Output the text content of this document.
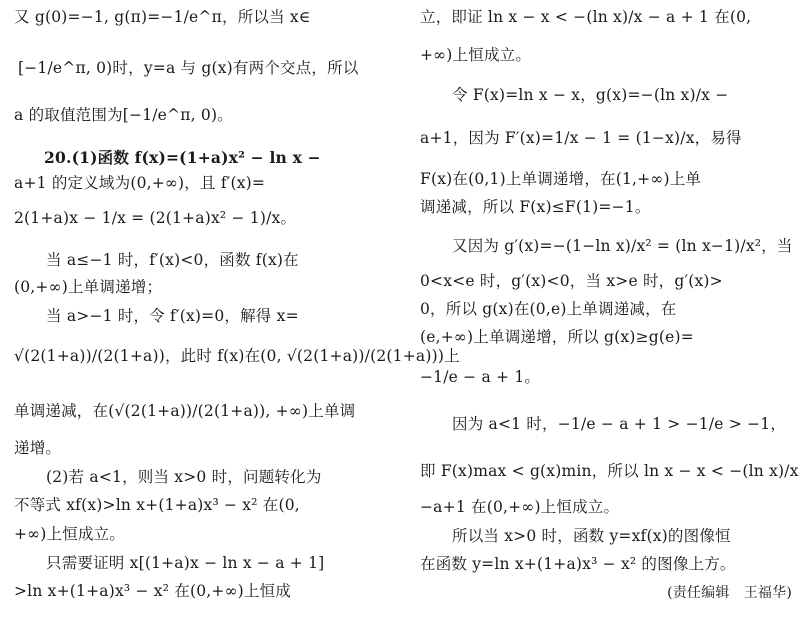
又 g(0)=−1, g(π)=−1/e^π，所以当 x∈
[−1/e^π, 0)时，y=a 与 g(x)有两个交点，所以
a 的取值范围为[−1/e^π, 0)。
20.(1)函数 f(x)=(1+a)x² − ln x −
a+1 的定义域为(0,+∞)，且 f′(x)=
2(1+a)x − 1/x = (2(1+a)x² − 1)/x。
当 a≤−1 时，f′(x)<0，函数 f(x)在
(0,+∞)上单调递增；
当 a>−1 时，令 f′(x)=0，解得 x=
√(2(1+a))/(2(1+a))，此时 f(x)在(0, √(2(1+a))/(2(1+a)))上
单调递减，在(√(2(1+a))/(2(1+a)), +∞)上单调
递增。
(2)若 a<1，则当 x>0 时，问题转化为
不等式 xf(x)>ln x+(1+a)x³ − x² 在(0,
+∞)上恒成立。
只需要证明 x[(1+a)x − ln x − a + 1]
>ln x+(1+a)x³ − x² 在(0,+∞)上恒成
立，即证 ln x − x < −(ln x)/x − a + 1 在(0,
+∞)上恒成立。
令 F(x)=ln x − x，g(x)=−(ln x)/x −
a+1，因为 F′(x)=1/x − 1 = (1−x)/x，易得
F(x)在(0,1)上单调递增，在(1,+∞)上单
调递减，所以 F(x)≤F(1)=−1。
又因为 g′(x)=−(1−ln x)/x² = (ln x−1)/x²，当
0<x<e 时，g′(x)<0，当 x>e 时，g′(x)>
0，所以 g(x)在(0,e)上单调递减，在
(e,+∞)上单调递增，所以 g(x)≥g(e)=
−1/e − a + 1。
因为 a<1 时，−1/e − a + 1 > −1/e > −1，
即 F(x)max < g(x)min，所以 ln x − x < −(ln x)/x
−a+1 在(0,+∞)上恒成立。
所以当 x>0 时，函数 y=xf(x)的图像恒
在函数 y=ln x+(1+a)x³ − x² 的图像上方。
(责任编辑　王福华)
